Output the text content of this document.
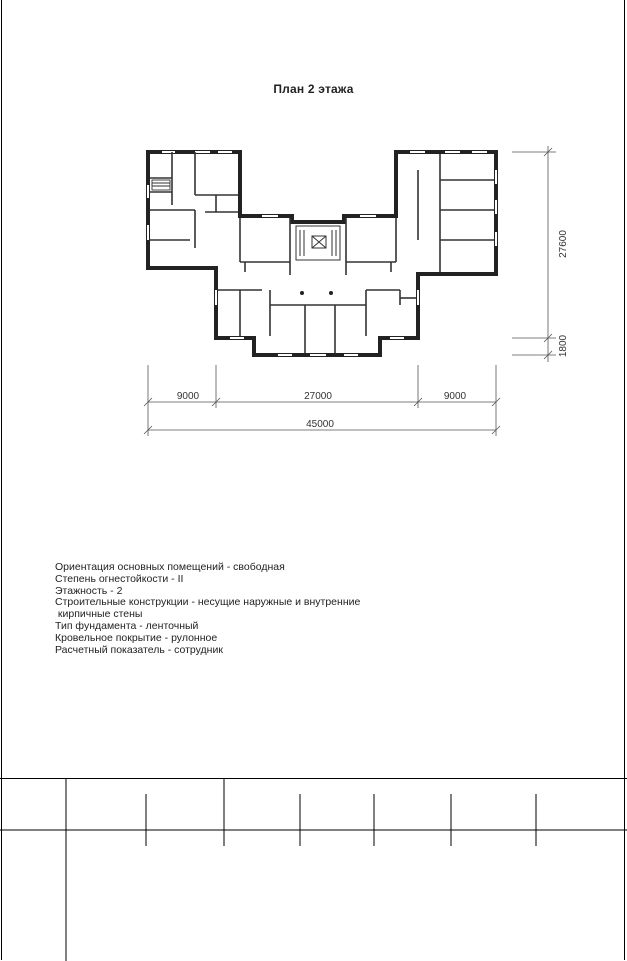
План 2 этажа
9000	27000	9000
45000
27600
1800
Ориентация основных помещений - свободная
Степень огнестойкости - II
Этажность - 2
Строительные конструкции - несущие наружные и внутренние
кирпичные стены
Тип фундамента - ленточный
Кровельное покрытие - рулонное
Расчетный показатель - сотрудник
